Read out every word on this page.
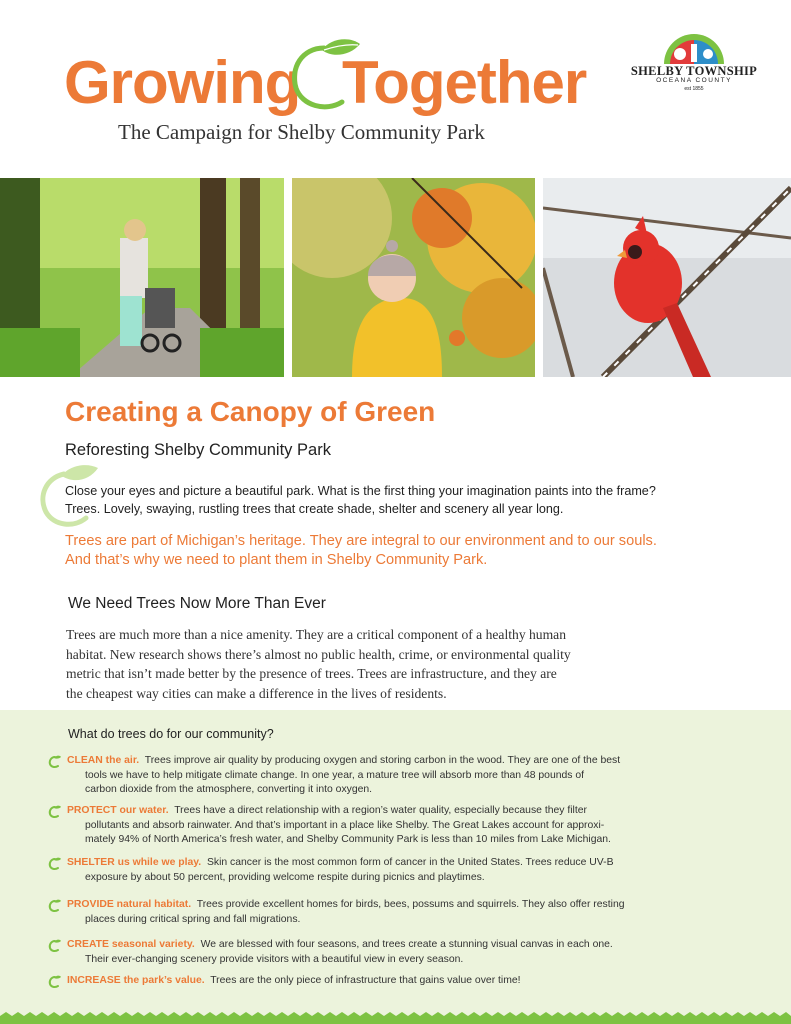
Growing Together
The Campaign for Shelby Community Park
SHELBY TOWNSHIP
OCEANA COUNTY
est 1855
Creating a Canopy of Green
Reforesting Shelby Community Park
Close your eyes and picture a beautiful park. What is the first thing your imagination paints into the frame?
Trees. Lovely, swaying, rustling trees that create shade, shelter and scenery all year long.
Trees are part of Michigan’s heritage. They are integral to our environment and to our souls.
And that’s why we need to plant them in Shelby Community Park.
We Need Trees Now More Than Ever
Trees are much more than a nice amenity. They are a critical component of a healthy human
habitat. New research shows there’s almost no public health, crime, or environmental quality
metric that isn’t made better by the presence of trees. Trees are infrastructure, and they are
the cheapest way cities can make a difference in the lives of residents.
What do trees do for our community?
CLEAN the air. Trees improve air quality by producing oxygen and storing carbon in the wood. They are one of the best
tools we have to help mitigate climate change. In one year, a mature tree will absorb more than 48 pounds of
carbon dioxide from the atmosphere, converting it into oxygen.
PROTECT our water. Trees have a direct relationship with a region’s water quality, especially because they filter
pollutants and absorb rainwater. And that’s important in a place like Shelby. The Great Lakes account for approxi-
mately 94% of North America’s fresh water, and Shelby Community Park is less than 10 miles from Lake Michigan.
SHELTER us while we play. Skin cancer is the most common form of cancer in the United States. Trees reduce UV-B
exposure by about 50 percent, providing welcome respite during picnics and playtimes.
PROVIDE natural habitat. Trees provide excellent homes for birds, bees, possums and squirrels. They also offer resting
places during critical spring and fall migrations.
CREATE seasonal variety. We are blessed with four seasons, and trees create a stunning visual canvas in each one.
Their ever-changing scenery provide visitors with a beautiful view in every season.
INCREASE the park’s value. Trees are the only piece of infrastructure that gains value over time!
